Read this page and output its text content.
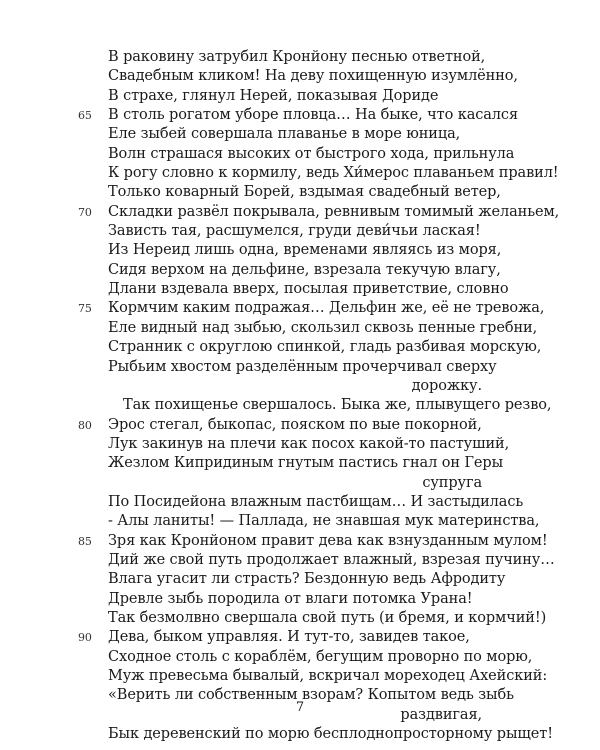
В раковину затрубил Кронйону песнью ответной,
Свадебным кликом! На деву похищенную изумлённо,
В страхе, глянул Нерей, показывая Дориде
65 В столь рогатом уборе пловца… На быке, что касался
Еле зыбей совершала плаванье в море юница,
Волн страшася высоких от быстрого хода, прильнула
К рогу словно к кормилу, ведь Хи́мерос плаваньем правил!
Только коварный Борей, вздымая свадебный ветер,
70 Складки развёл покрывала, ревнивым томимый желаньем,
Зависть тая, расшумелся, груди деви́чьи лаская!
Из Нереид лишь одна, временами являясь из моря,
Сидя верхом на дельфине, взрезала текучую влагу,
Длани вздевала вверх, посылая приветствие, словно
75 Кормчим каким подражая… Дельфин же, её не тревожа,
Еле видный над зыбью, скользил сквозь пенные гребни,
Странник с округлою спинкой, гладь разбивая морскую,
Рыбьим хвостом разделённым прочерчивал сверху
дорожку.
Так похищенье свершалось. Быка же, плывущего резво,
80 Эрос стегал, быкопас, пояском по вые покорной,
Лук закинув на плечи как посох какой-то пастуший,
Жезлом Кипридиным гнутым пастись гнал он Геры
супруга
По Посидейона влажным пастбищам… И застыдилась
- Алы ланиты! — Паллада, не знавшая мук материнства,
85 Зря как Кронйоном правит дева как взнузданным мулом!
Дий же свой путь продолжает влажный, взрезая пучину…
Влага угасит ли страсть? Бездонную ведь Афродиту
Древле зыбь породила от влаги потомка Урана!
Так безмолвно свершала свой путь (и бремя, и кормчий!)
90 Дева, быком управляя. И тут-то, завидев такое,
Сходное столь с кораблём, бегущим проворно по морю,
Муж превесьма бывалый, вскричал мореходец Ахейский:
«Верить ли собственным взорам? Копытом ведь зыбь
раздвигая,
Бык деревенский по морю бесплоднопросторному рыщет!
7
